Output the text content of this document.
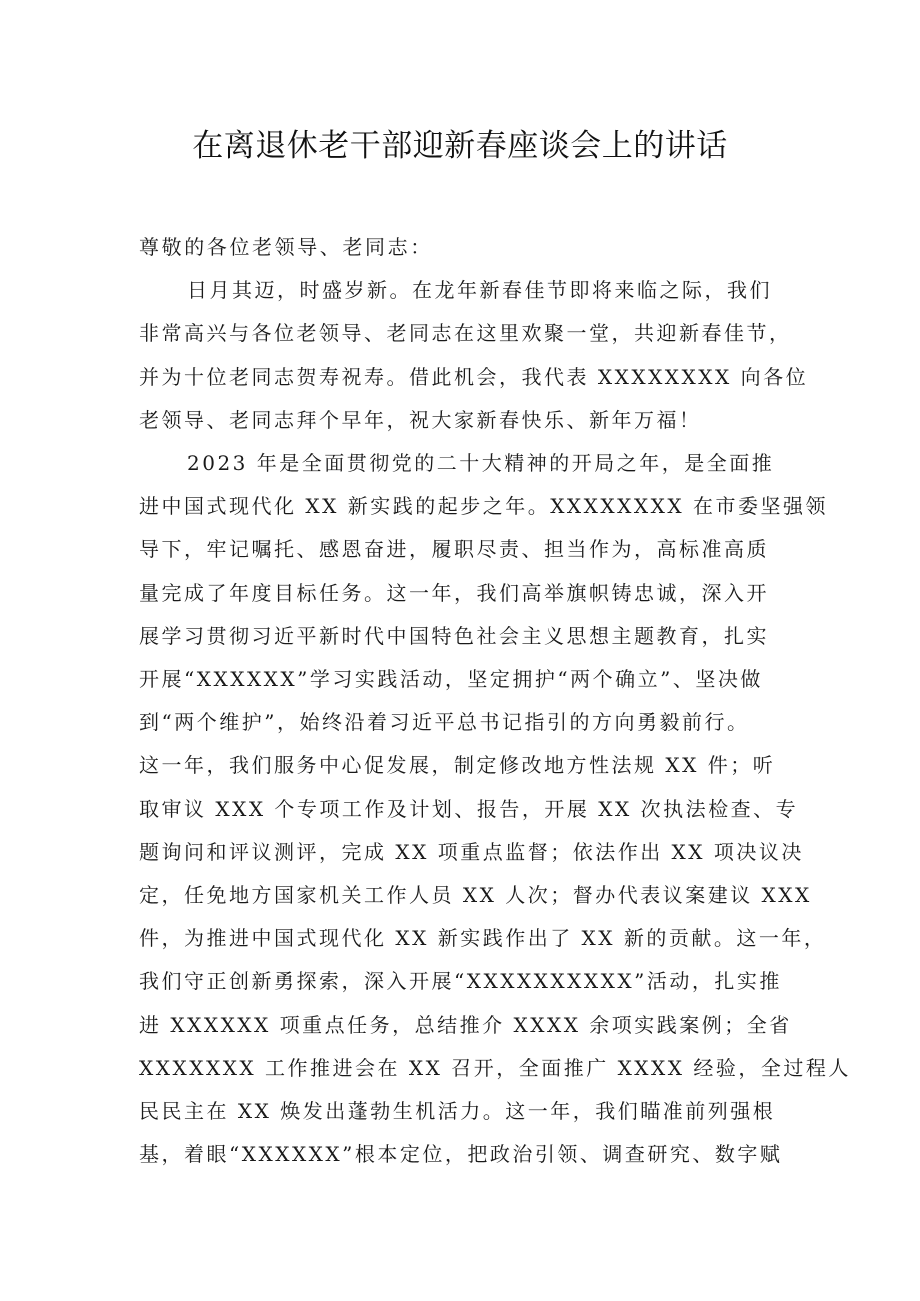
在离退休老干部迎新春座谈会上的讲话

尊敬的各位老领导、老同志：

日月其迈，时盛岁新。在龙年新春佳节即将来临之际，我们
非常高兴与各位老领导、老同志在这里欢聚一堂，共迎新春佳节，
并为十位老同志贺寿祝寿。借此机会，我代表 XXXXXXXX 向各位
老领导、老同志拜个早年，祝大家新春快乐、新年万福！

2023 年是全面贯彻党的二十大精神的开局之年，是全面推
进中国式现代化 XX 新实践的起步之年。XXXXXXXX 在市委坚强领
导下，牢记嘱托、感恩奋进，履职尽责、担当作为，高标准高质
量完成了年度目标任务。这一年，我们高举旗帜铸忠诚，深入开
展学习贯彻习近平新时代中国特色社会主义思想主题教育，扎实
开展“XXXXXX”学习实践活动，坚定拥护“两个确立”、坚决做
到“两个维护”，始终沿着习近平总书记指引的方向勇毅前行。
这一年，我们服务中心促发展，制定修改地方性法规 XX 件；听
取审议 XXX 个专项工作及计划、报告，开展 XX 次执法检查、专
题询问和评议测评，完成 XX 项重点监督；依法作出 XX 项决议决
定，任免地方国家机关工作人员 XX 人次；督办代表议案建议 XXX
件，为推进中国式现代化 XX 新实践作出了 XX 新的贡献。这一年，
我们守正创新勇探索，深入开展“XXXXXXXXXX”活动，扎实推
进 XXXXXX 项重点任务，总结推介 XXXX 余项实践案例；全省
XXXXXXX 工作推进会在 XX 召开，全面推广 XXXX 经验，全过程人
民民主在 XX 焕发出蓬勃生机活力。这一年，我们瞄准前列强根
基，着眼“XXXXXX”根本定位，把政治引领、调查研究、数字赋
